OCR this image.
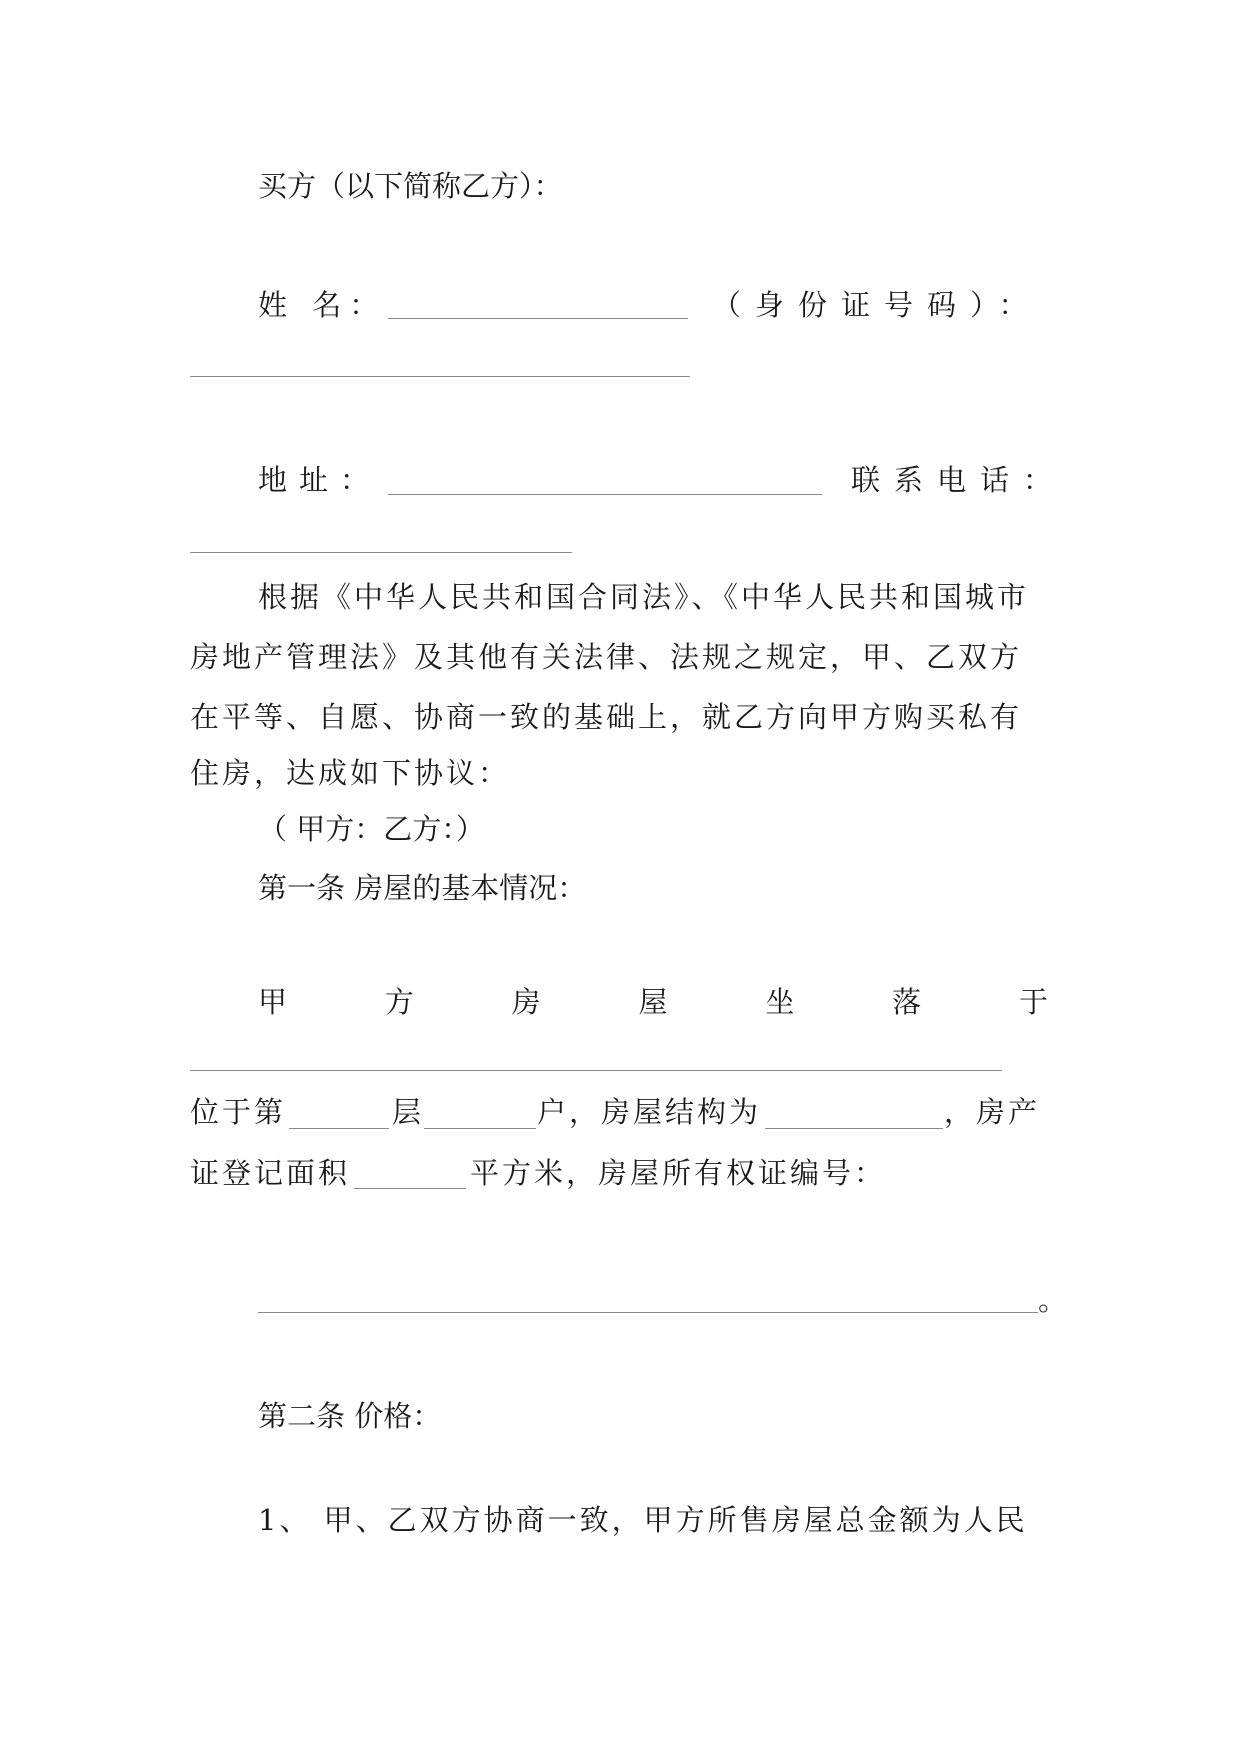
买方（以下简称乙方）：
姓 名：	（身份证号码）：
地址：	联系电话：
根据《中华人民共和国合同法》、《中华人民共和国城市
房地产管理法》及其他有关法律、法规之规定，甲、乙双方
在平等、自愿、协商一致的基础上，就乙方向甲方购买私有
住房，达成如下协议：
（ 甲方：乙方：）
第一条 房屋的基本情况：
甲	方	房	屋	坐	落	于
位于第	层	户，房屋结构为	，房产
证登记面积	平方米，房屋所有权证编号：
。
第二条 价格：
1、 甲、乙双方协商一致，甲方所售房屋总金额为人民
